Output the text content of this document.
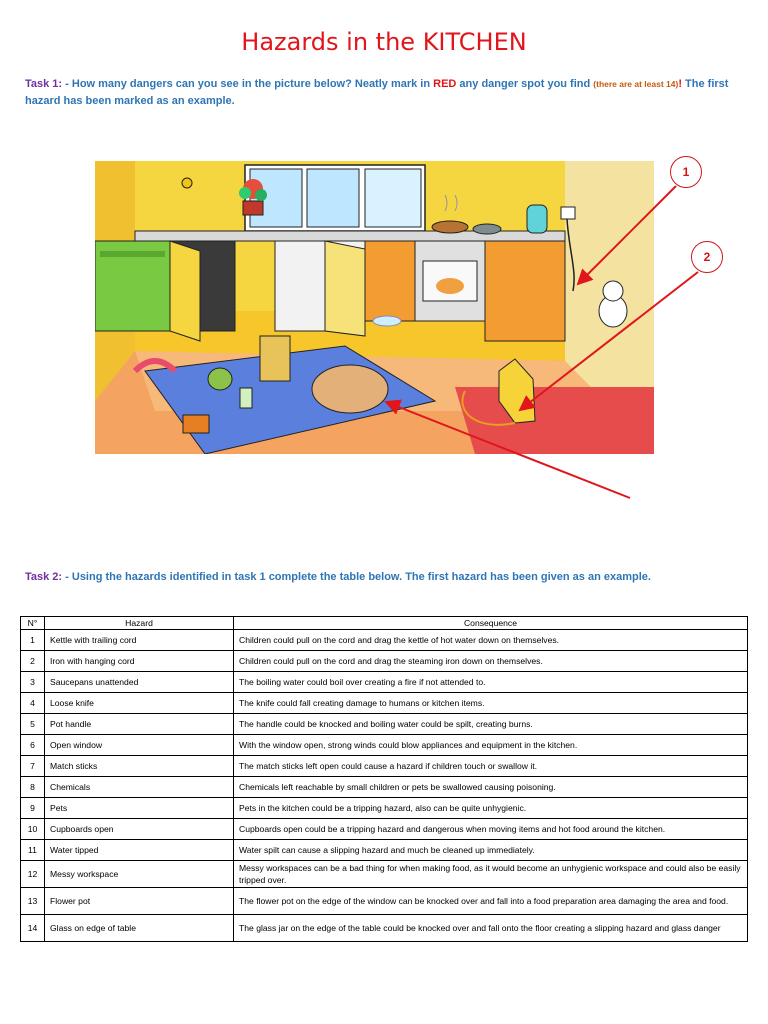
Hazards in the KITCHEN
Task 1: - How many dangers can you see in the picture below? Neatly mark in RED any danger spot you find (there are at least 14)! The first hazard has been marked as an example.
1
2
Task 2: - Using the hazards identified in task 1 complete the table below. The first hazard has been given as an example.
N°	Hazard	Consequence
1	Kettle with trailing cord	Children could pull on the cord and drag the kettle of hot water down on themselves.
2	Iron with hanging cord	Children could pull on the cord and drag the steaming iron down on themselves.
3	Saucepans unattended	The boiling water could boil over creating a fire if not attended to.
4	Loose knife	The knife could fall creating damage to humans or kitchen items.
5	Pot handle	The handle could be knocked and boiling water could be spilt, creating burns.
6	Open window	With the window open, strong winds could blow appliances and equipment in the kitchen.
7	Match sticks	The match sticks left open could cause a hazard if children touch or swallow it.
8	Chemicals	Chemicals left reachable by small children or pets be swallowed causing poisoning.
9	Pets	Pets in the kitchen could be a tripping hazard, also can be quite unhygienic.
10	Cupboards open	Cupboards open could be a tripping hazard and dangerous when moving items and hot food around the kitchen.
11	Water tipped	Water spilt can cause a slipping hazard and much be cleaned up immediately.
12	Messy workspace	Messy workspaces can be a bad thing for when making food, as it would become an unhygienic workspace and could also be easily tripped over.
13	Flower pot	The flower pot on the edge of the window can be knocked over and fall into a food preparation area damaging the area and food.
14	Glass on edge of table	The glass jar on the edge of the table could be knocked over and fall onto the floor creating a slipping hazard and glass danger
